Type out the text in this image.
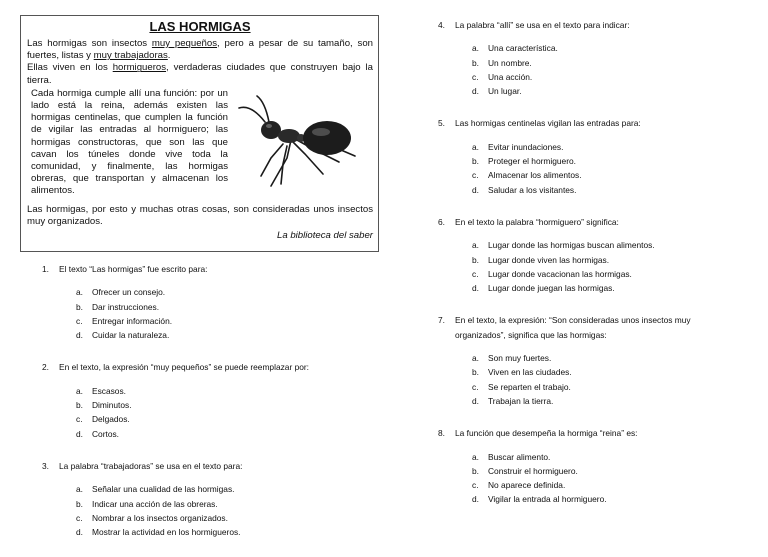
LAS HORMIGAS

Las hormigas son insectos muy pequeños, pero a pesar de su tamaño, son fuertes, listas y muy trabajadoras.

Ellas viven en los hormigueros, verdaderas ciudades que construyen bajo la tierra.

Cada hormiga cumple allí una función: por un lado está la reina, además existen las hormigas centinelas, que cumplen la función de vigilar las entradas al hormiguero; las hormigas constructoras, que son las que cavan los túneles donde vive toda la comunidad, y finalmente, las hormigas obreras, que transportan y almacenan los alimentos.

Las hormigas, por esto y muchas otras cosas, son consideradas unos insectos muy organizados.

La biblioteca del saber

1.	El texto “Las hormigas” fue escrito para:

a.	Ofrecer un consejo.
b.	Dar instrucciones.
c.	Entregar información.
d.	Cuidar la naturaleza.

2.	En el texto, la expresión “muy pequeños” se puede reemplazar por:

a.	Escasos.
b.	Diminutos.
c.	Delgados.
d.	Cortos.

3.	La palabra “trabajadoras” se usa en el texto para:

a.	Señalar una cualidad de las hormigas.
b.	Indicar una acción de las obreras.
c.	Nombrar a los insectos organizados.
d.	Mostrar la actividad en los hormigueros.

4.	La palabra “allí” se usa en el texto para indicar:

a.	Una característica.
b.	Un nombre.
c.	Una acción.
d.	Un lugar.

5.	Las hormigas centinelas vigilan las entradas para:

a.	Evitar inundaciones.
b.	Proteger el hormiguero.
c.	Almacenar los alimentos.
d.	Saludar a los visitantes.

6.	En el texto la palabra “hormiguero” significa:

a.	Lugar donde las hormigas buscan alimentos.
b.	Lugar donde viven las hormigas.
c.	Lugar donde vacacionan las hormigas.
d.	Lugar donde juegan las hormigas.

7.	En el texto, la expresión: “Son consideradas unos insectos muy organizados”, significa que las hormigas:

a.	Son muy fuertes.
b.	Viven en las ciudades.
c.	Se reparten el trabajo.
d.	Trabajan la tierra.

8.	La función que desempeña la hormiga “reina” es:

a.	Buscar alimento.
b.	Construir el hormiguero.
c.	No aparece definida.
d.	Vigilar la entrada al hormiguero.
